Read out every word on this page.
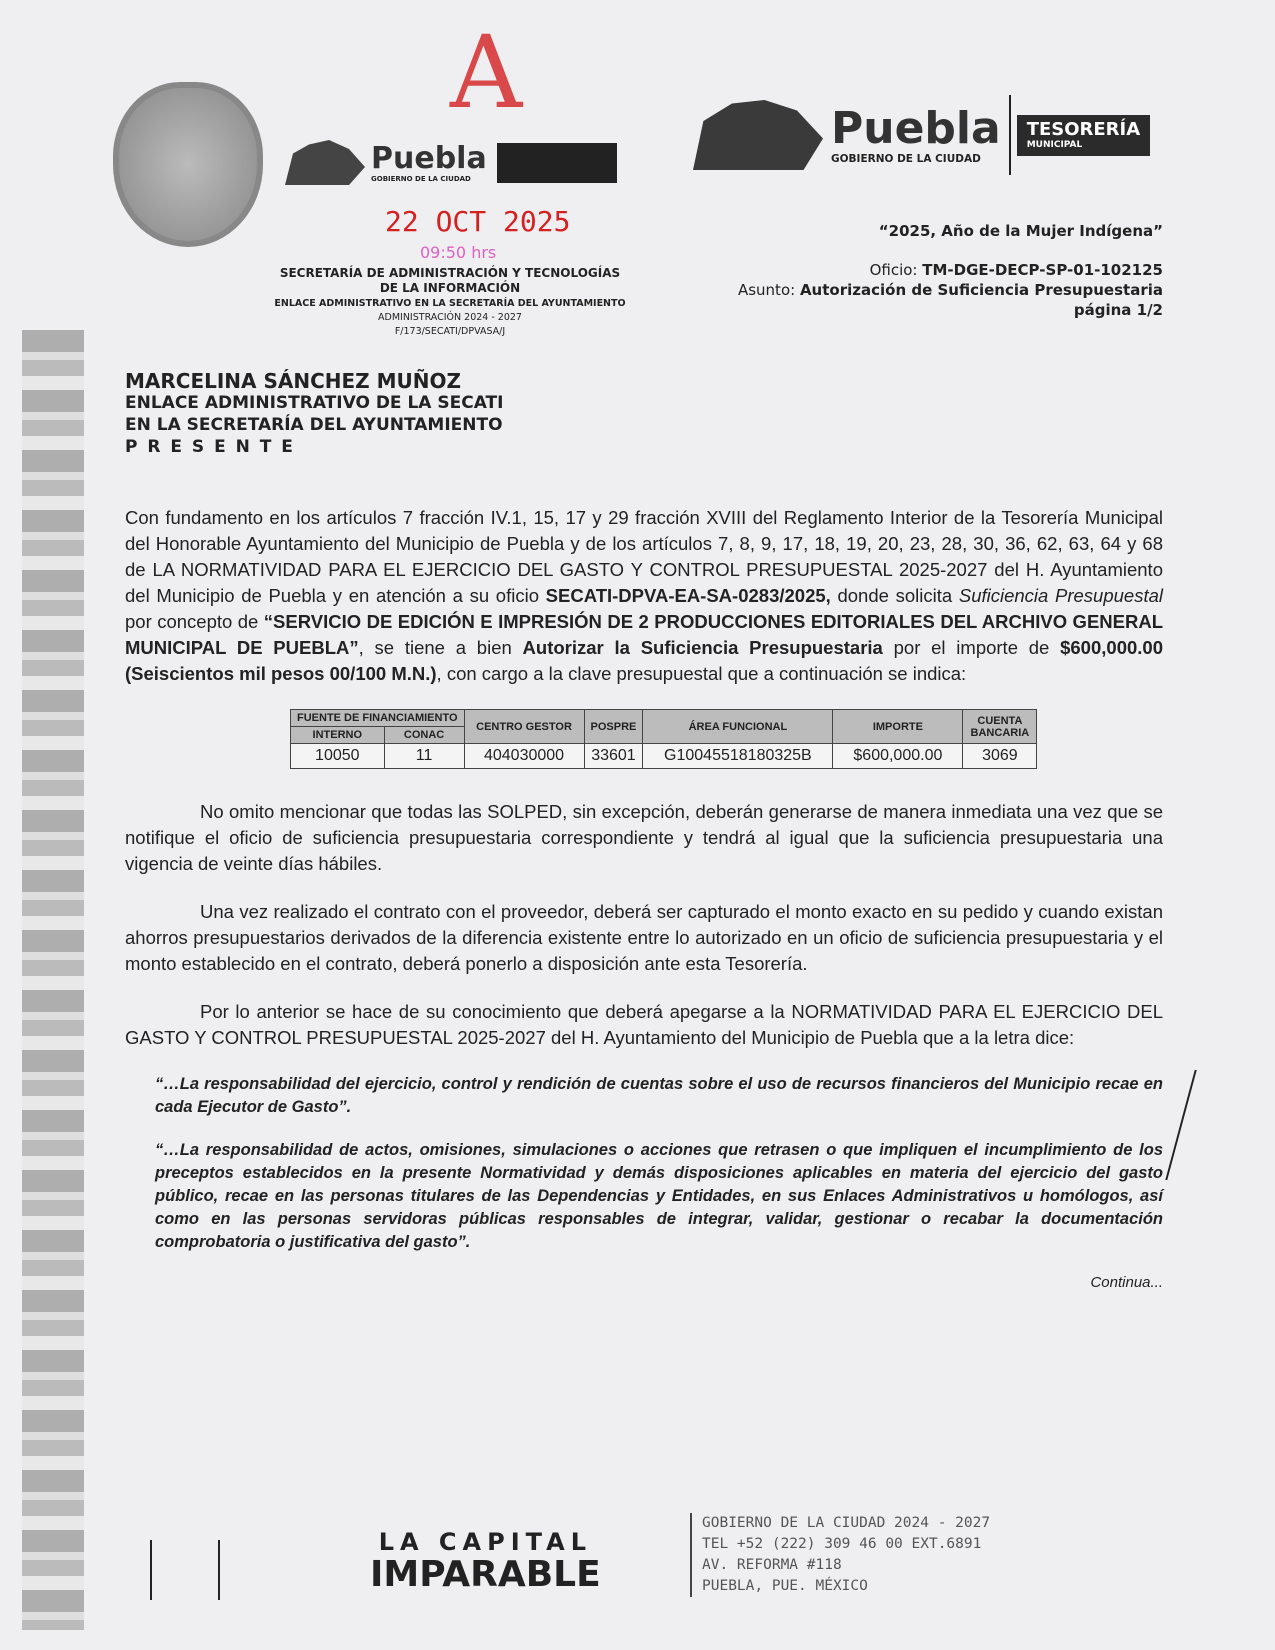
Puebla
GOBIERNO DE LA CIUDAD
A
22 OCT 2025
09:50 hrs
SECRETARÍA DE ADMINISTRACIÓN Y TECNOLOGÍAS
DE LA INFORMACIÓN
ENLACE ADMINISTRATIVO EN LA SECRETARÍA DEL AYUNTAMIENTO
ADMINISTRACIÓN 2024 - 2027
F/173/SECATI/DPVASA/J
Puebla
GOBIERNO DE LA CIUDAD
TESORERÍA
MUNICIPAL
“2025, Año de la Mujer Indígena”
Oficio: TM-DGE-DECP-SP-01-102125
Asunto: Autorización de Suficiencia Presupuestaria
página 1/2
MARCELINA SÁNCHEZ MUÑOZ
ENLACE ADMINISTRATIVO DE LA SECATI
EN LA SECRETARÍA DEL AYUNTAMIENTO
P R E S E N T E
Con fundamento en los artículos 7 fracción IV.1, 15, 17 y 29 fracción XVIII del Reglamento Interior de la Tesorería Municipal del Honorable Ayuntamiento del Municipio de Puebla y de los artículos 7, 8, 9, 17, 18, 19, 20, 23, 28, 30, 36, 62, 63, 64 y 68 de LA NORMATIVIDAD PARA EL EJERCICIO DEL GASTO Y CONTROL PRESUPUESTAL 2025-2027 del H. Ayuntamiento del Municipio de Puebla y en atención a su oficio SECATI-DPVA-EA-SA-0283/2025, donde solicita Suficiencia Presupuestal por concepto de “SERVICIO DE EDICIÓN E IMPRESIÓN DE 2 PRODUCCIONES EDITORIALES DEL ARCHIVO GENERAL MUNICIPAL DE PUEBLA”, se tiene a bien Autorizar la Suficiencia Presupuestaria por el importe de $600,000.00 (Seiscientos mil pesos 00/100 M.N.), con cargo a la clave presupuestal que a continuación se indica:
FUENTE DE FINANCIAMIENTO		CENTRO GESTOR	POSPRE	ÁREA FUNCIONAL	IMPORTE	CUENTA BANCARIA
INTERNO	CONAC					
10050	11	404030000	33601	G10045518180325B	$600,000.00	3069
No omito mencionar que todas las SOLPED, sin excepción, deberán generarse de manera inmediata una vez que se notifique el oficio de suficiencia presupuestaria correspondiente y tendrá al igual que la suficiencia presupuestaria una vigencia de veinte días hábiles.
Una vez realizado el contrato con el proveedor, deberá ser capturado el monto exacto en su pedido y cuando existan ahorros presupuestarios derivados de la diferencia existente entre lo autorizado en un oficio de suficiencia presupuestaria y el monto establecido en el contrato, deberá ponerlo a disposición ante esta Tesorería.
Por lo anterior se hace de su conocimiento que deberá apegarse a la NORMATIVIDAD PARA EL EJERCICIO DEL GASTO Y CONTROL PRESUPUESTAL 2025-2027 del H. Ayuntamiento del Municipio de Puebla que a la letra dice:
“…La responsabilidad del ejercicio, control y rendición de cuentas sobre el uso de recursos financieros del Municipio recae en cada Ejecutor de Gasto”.
“…La responsabilidad de actos, omisiones, simulaciones o acciones que retrasen o que impliquen el incumplimiento de los preceptos establecidos en la presente Normatividad y demás disposiciones aplicables en materia del ejercicio del gasto público, recae en las personas titulares de las Dependencias y Entidades, en sus Enlaces Administrativos u homólogos, así como en las personas servidoras públicas responsables de integrar, validar, gestionar o recabar la documentación comprobatoria o justificativa del gasto”.
Continua...
LA CAPITAL
IMPARABLE
GOBIERNO DE LA CIUDAD 2024 - 2027
TEL +52 (222) 309 46 00 EXT.6891
AV. REFORMA #118
PUEBLA, PUE. MÉXICO
